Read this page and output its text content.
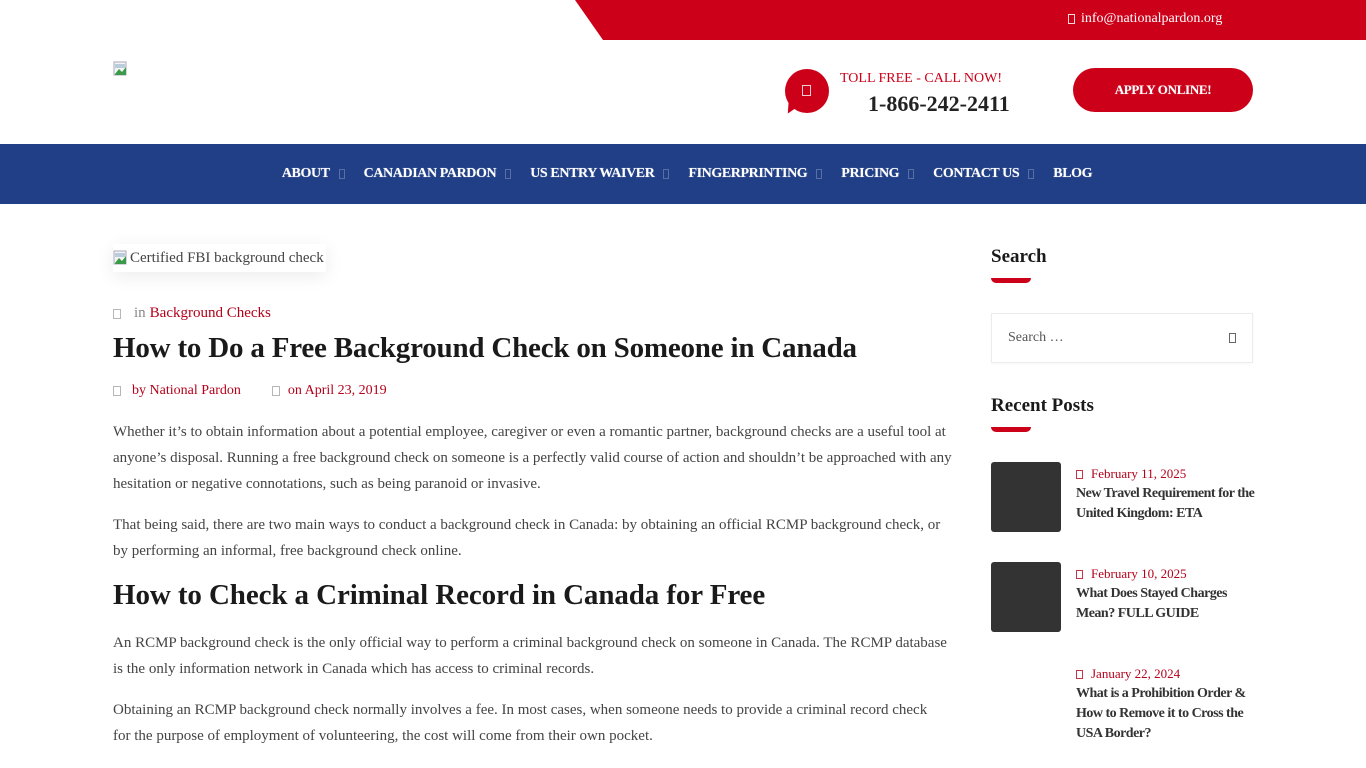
info@nationalpardon.org
TOLL FREE - CALL NOW!
1-866-242-2411
APPLY ONLINE!
ABOUT CANADIAN PARDON US ENTRY WAIVER FINGERPRINTING PRICING CONTACT US BLOG
Certified FBI background check
in Background Checks
How to Do a Free Background Check on Someone in Canada
by National Pardon	on April 23, 2019

Whether it’s to obtain information about a potential employee, caregiver or even a romantic partner, background checks are a useful tool at anyone’s disposal. Running a free background check on someone is a perfectly valid course of action and shouldn’t be approached with any hesitation or negative connotations, such as being paranoid or invasive.

That being said, there are two main ways to conduct a background check in Canada: by obtaining an official RCMP background check, or by performing an informal, free background check online.

How to Check a Criminal Record in Canada for Free

An RCMP background check is the only official way to perform a criminal background check on someone in Canada. The RCMP database is the only information network in Canada which has access to criminal records.

Obtaining an RCMP background check normally involves a fee. In most cases, when someone needs to provide a criminal record check for the purpose of employment of volunteering, the cost will come from their own pocket.

Search
Search …
Recent Posts
February 11, 2025
New Travel Requirement for the United Kingdom: ETA
February 10, 2025
What Does Stayed Charges Mean? FULL GUIDE
January 22, 2024
What is a Prohibition Order & How to Remove it to Cross the USA Border?
